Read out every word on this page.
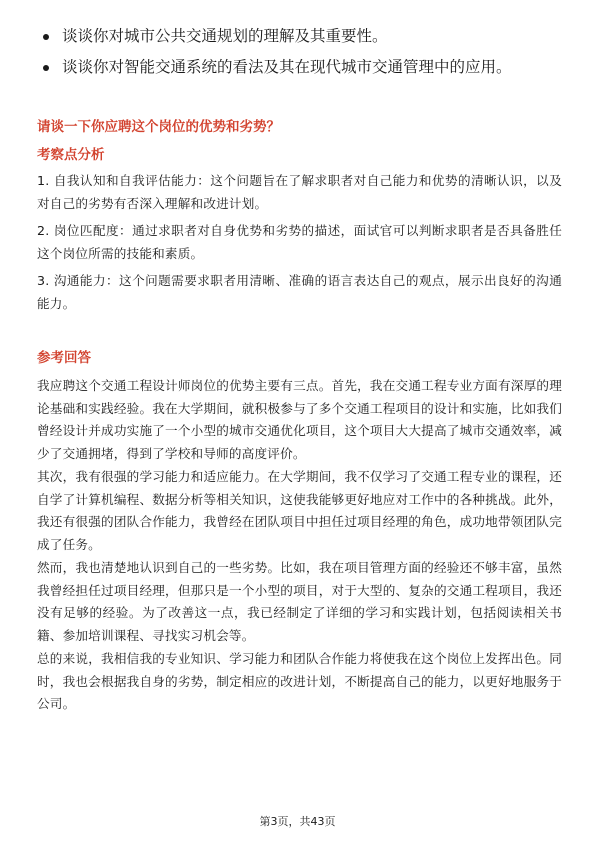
谈谈你对城市公共交通规划的理解及其重要性。
谈谈你对智能交通系统的看法及其在现代城市交通管理中的应用。

请谈一下你应聘这个岗位的优势和劣势？

考察点分析

1. 自我认知和自我评估能力：这个问题旨在了解求职者对自己能力和优势的清晰认识，以及对自己的劣势有否深入理解和改进计划。

2. 岗位匹配度：通过求职者对自身优势和劣势的描述，面试官可以判断求职者是否具备胜任这个岗位所需的技能和素质。

3. 沟通能力：这个问题需要求职者用清晰、准确的语言表达自己的观点，展示出良好的沟通能力。

参考回答

我应聘这个交通工程设计师岗位的优势主要有三点。首先，我在交通工程专业方面有深厚的理论基础和实践经验。我在大学期间，就积极参与了多个交通工程项目的设计和实施，比如我们曾经设计并成功实施了一个小型的城市交通优化项目，这个项目大大提高了城市交通效率，减少了交通拥堵，得到了学校和导师的高度评价。

其次，我有很强的学习能力和适应能力。在大学期间，我不仅学习了交通工程专业的课程，还自学了计算机编程、数据分析等相关知识，这使我能够更好地应对工作中的各种挑战。此外，我还有很强的团队合作能力，我曾经在团队项目中担任过项目经理的角色，成功地带领团队完成了任务。

然而，我也清楚地认识到自己的一些劣势。比如，我在项目管理方面的经验还不够丰富，虽然我曾经担任过项目经理，但那只是一个小型的项目，对于大型的、复杂的交通工程项目，我还没有足够的经验。为了改善这一点，我已经制定了详细的学习和实践计划，包括阅读相关书籍、参加培训课程、寻找实习机会等。

总的来说，我相信我的专业知识、学习能力和团队合作能力将使我在这个岗位上发挥出色。同时，我也会根据我自身的劣势，制定相应的改进计划，不断提高自己的能力，以更好地服务于公司。

第3页，共43页
